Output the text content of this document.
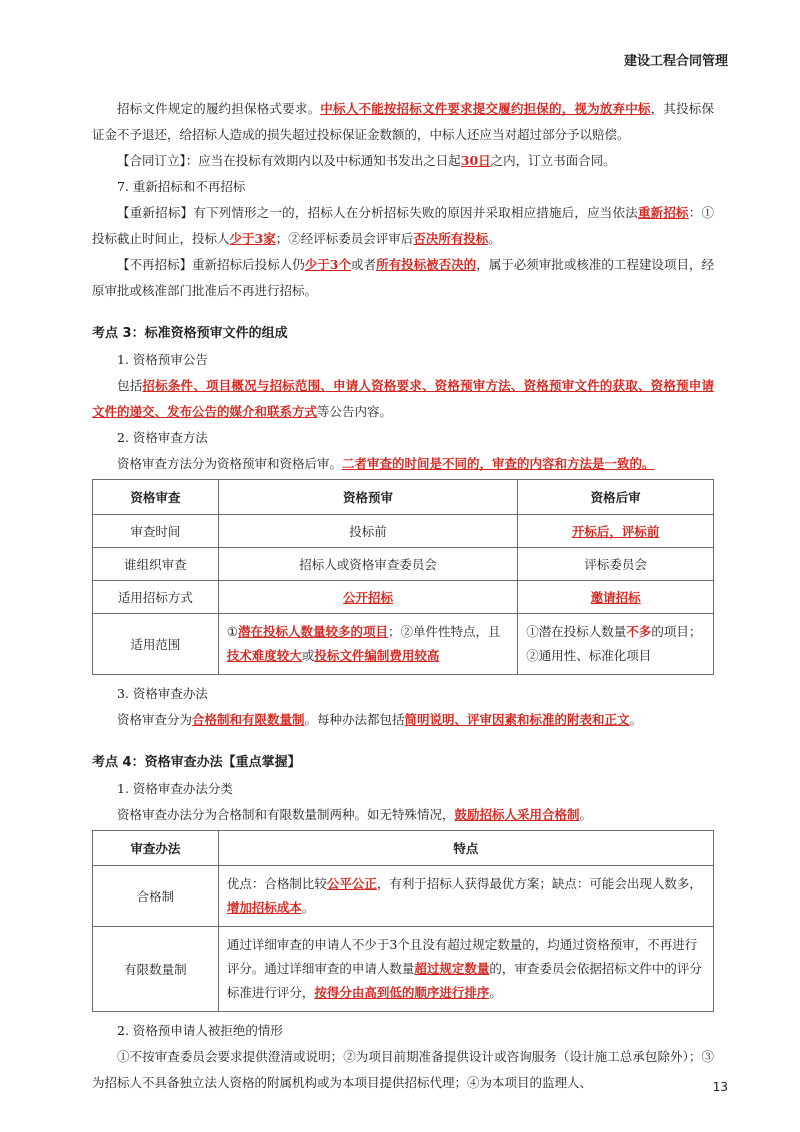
建设工程合同管理

招标文件规定的履约担保格式要求。中标人不能按招标文件要求提交履约担保的，视为放弃中标，其投标保证金不予退还，给招标人造成的损失超过投标保证金数额的，中标人还应当对超过部分予以赔偿。

【合同订立】：应当在投标有效期内以及中标通知书发出之日起30日之内，订立书面合同。

7. 重新招标和不再招标

【重新招标】有下列情形之一的，招标人在分析招标失败的原因并采取相应措施后，应当依法重新招标：①投标截止时间止，投标人少于3家；②经评标委员会评审后否决所有投标。

【不再招标】重新招标后投标人仍少于3个或者所有投标被否决的，属于必须审批或核准的工程建设项目，经原审批或核准部门批准后不再进行招标。

考点 3：标准资格预审文件的组成

1. 资格预审公告

包括招标条件、项目概况与招标范围、申请人资格要求、资格预审方法、资格预审文件的获取、资格预申请文件的递交、发布公告的媒介和联系方式等公告内容。

2. 资格审查方法

资格审查方法分为资格预审和资格后审。二者审查的时间是不同的，审查的内容和方法是一致的。

资格审查	资格预审	资格后审
审查时间	投标前	开标后，评标前
谁组织审查	招标人或资格审查委员会	评标委员会
适用招标方式	公开招标	邀请招标
适用范围	①潜在投标人数量较多的项目；②单件性特点，且技术难度较大或投标文件编制费用较高	①潜在投标人数量不多的项目；②通用性、标准化项目

3. 资格审查办法

资格审查分为合格制和有限数量制。每种办法都包括简明说明、评审因素和标准的附表和正文。

考点 4：资格审查办法【重点掌握】

1. 资格审查办法分类

资格审查办法分为合格制和有限数量制两种。如无特殊情况，鼓励招标人采用合格制。

审查办法	特点
合格制	优点：合格制比较公平公正，有利于招标人获得最优方案；缺点：可能会出现人数多，增加招标成本。
有限数量制	通过详细审查的申请人不少于3个且没有超过规定数量的，均通过资格预审，不再进行评分。通过详细审查的申请人数量超过规定数量的，审查委员会依据招标文件中的评分标准进行评分，按得分由高到低的顺序进行排序。

2. 资格预申请人被拒绝的情形

①不按审查委员会要求提供澄清或说明；②为项目前期准备提供设计或咨询服务（设计施工总承包除外）；③为招标人不具备独立法人资格的附属机构或为本项目提供招标代理；④为本项目的监理人、	13
